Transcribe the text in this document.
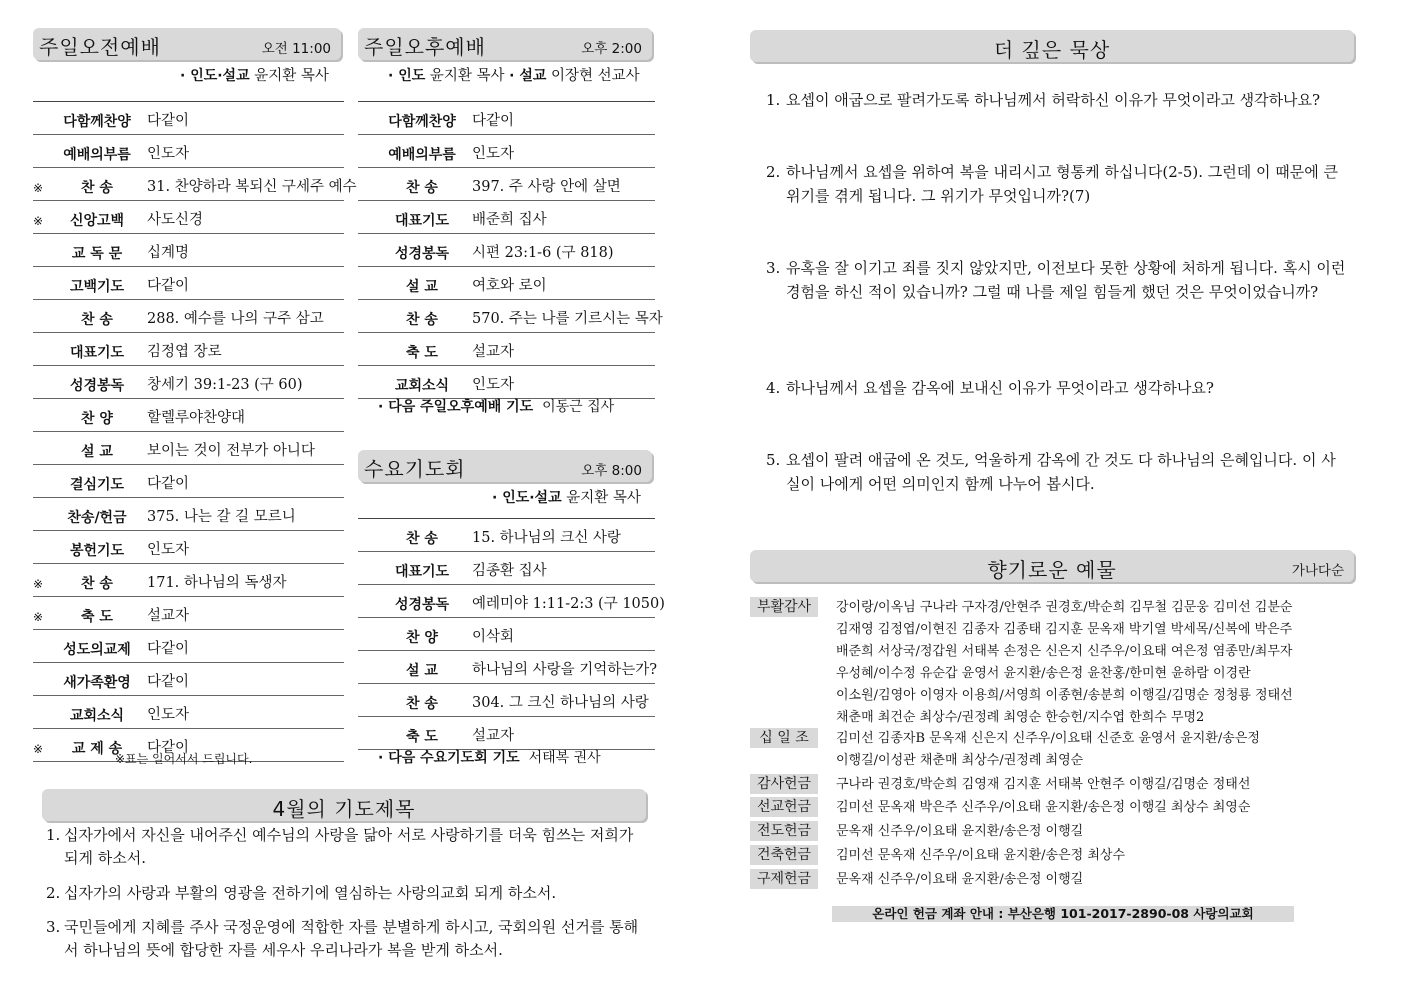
주일오전예배	오전 11:00
· 인도·설교 윤지환 목사
다함께찬양	다같이
예배의부름	인도자
※	찬 송	31. 찬양하라 복되신 구세주 예수
※	신앙고백	사도신경
교 독 문	십계명
고백기도	다같이
찬 송	288. 예수를 나의 구주 삼고
대표기도	김정엽 장로
성경봉독	창세기 39:1-23 (구 60)
찬 양	할렐루야찬양대
설 교	보이는 것이 전부가 아니다
결심기도	다같이
찬송/헌금	375. 나는 갈 길 모르니
봉헌기도	인도자
※	찬 송	171. 하나님의 독생자
※	축 도	설교자
성도의교제	다같이
새가족환영	다같이
교회소식	인도자
※	교 제 송	다같이
※표는 일어서서 드립니다.
주일오후예배	오후 2:00
· 인도 윤지환 목사 · 설교 이장현 선교사
다함께찬양	다같이
예배의부름	인도자
찬 송	397. 주 사랑 안에 살면
대표기도	배준희 집사
성경봉독	시편 23:1-6 (구 818)
설 교	여호와 로이
찬 송	570. 주는 나를 기르시는 목자
축 도	설교자
교회소식	인도자
· 다음 주일오후예배 기도 이동근 집사
수요기도회	오후 8:00
· 인도·설교 윤지환 목사
찬 송	15. 하나님의 크신 사랑
대표기도	김종환 집사
성경봉독	예레미야 1:11-2:3 (구 1050)
찬 양	이삭회
설 교	하나님의 사랑을 기억하는가?
찬 송	304. 그 크신 하나님의 사랑
축 도	설교자
· 다음 수요기도회 기도 서태복 권사
4월의 기도제목
1. 십자가에서 자신을 내어주신 예수님의 사랑을 닮아 서로 사랑하기를 더욱 힘쓰는 저희가 되게 하소서.
2. 십자가의 사랑과 부활의 영광을 전하기에 열심하는 사랑의교회 되게 하소서.
3. 국민들에게 지혜를 주사 국정운영에 적합한 자를 분별하게 하시고, 국회의원 선거를 통해서 하나님의 뜻에 합당한 자를 세우사 우리나라가 복을 받게 하소서.
더 깊은 묵상
1. 요셉이 애굽으로 팔려가도록 하나님께서 허락하신 이유가 무엇이라고 생각하나요?
2. 하나님께서 요셉을 위하여 복을 내리시고 형통케 하십니다(2-5). 그런데 이 때문에 큰 위기를 겪게 됩니다. 그 위기가 무엇입니까?(7)
3. 유혹을 잘 이기고 죄를 짓지 않았지만, 이전보다 못한 상황에 처하게 됩니다. 혹시 이런 경험을 하신 적이 있습니까? 그럴 때 나를 제일 힘들게 했던 것은 무엇이었습니까?
4. 하나님께서 요셉을 감옥에 보내신 이유가 무엇이라고 생각하나요?
5. 요셉이 팔려 애굽에 온 것도, 억울하게 감옥에 간 것도 다 하나님의 은혜입니다. 이 사실이 나에게 어떤 의미인지 함께 나누어 봅시다.
향기로운 예물	가나다순
부활감사	강이랑/이옥님 구나라 구자경/안현주 권경호/박순희 김무철 김문웅 김미선 김분순
김재영 김정엽/이현진 김종자 김종태 김지훈 문옥재 박기열 박세목/신복에 박은주
배준희 서상국/정갑원 서태복 손정은 신은지 신주우/이요태 여은정 염종만/최무자
우성혜/이수정 유순갑 윤영서 윤지환/송은정 윤찬홍/한미현 윤하람 이경란
이소원/김영아 이영자 이용희/서영희 이종현/송분희 이행길/김명순 정청룡 정태선
채춘매 최건순 최상수/권정례 최영순 한승헌/지수엽 한희수 무명2
십 일 조	김미선 김종자B 문옥재 신은지 신주우/이요태 신준호 윤영서 윤지환/송은정
이행길/이성관 채춘매 최상수/권정례 최영순
감사헌금	구나라 권경호/박순희 김영재 김지훈 서태복 안현주 이행길/김명순 정태선
선교헌금	김미선 문옥재 박은주 신주우/이요태 윤지환/송은정 이행길 최상수 최영순
전도헌금	문옥재 신주우/이요태 윤지환/송은정 이행길
건축헌금	김미선 문옥재 신주우/이요태 윤지환/송은정 최상수
구제헌금	문옥재 신주우/이요태 윤지환/송은정 이행길
온라인 헌금 계좌 안내 : 부산은행 101-2017-2890-08 사랑의교회
